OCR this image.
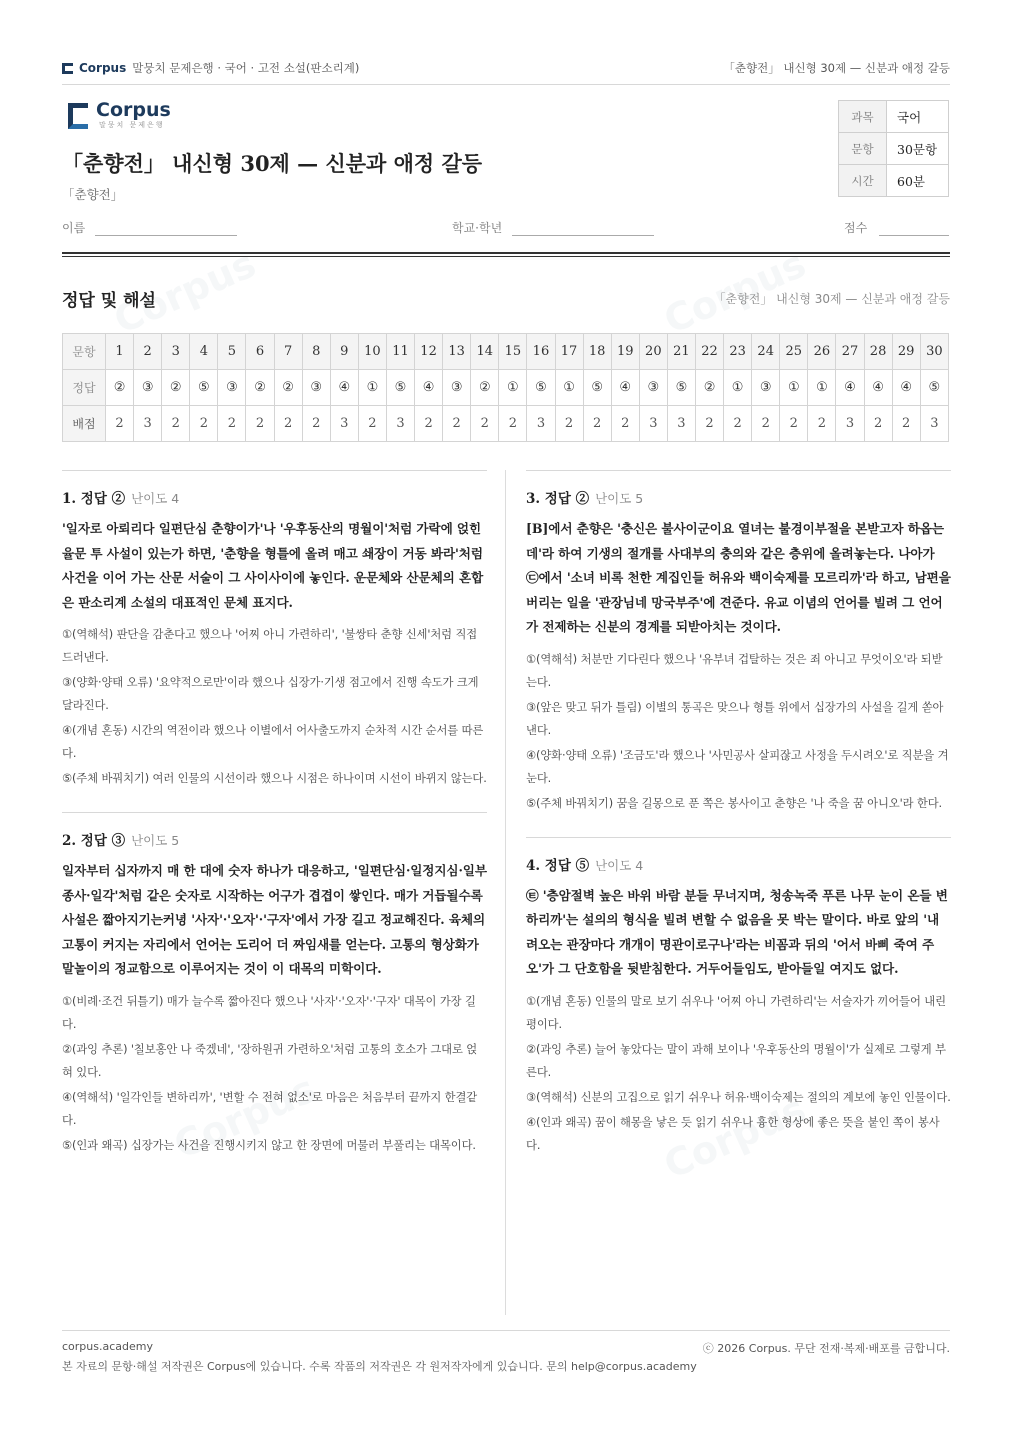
Corpus 말뭉치 문제은행 · 국어 · 고전 소설(판소리계)	「춘향전」 내신형 30제 — 신분과 애정 갈등
Corpus
말뭉치 문제은행
「춘향전」 내신형 30제 — 신분과 애정 갈등
「춘향전」
과목	국어
문항	30문항
시간	60분
이름	학교·학년	점수
정답 및 해설	「춘향전」 내신형 30제 — 신분과 애정 갈등
문항	1	2	3	4	5	6	7	8	9	10	11	12	13	14	15	16	17	18	19	20	21	22	23	24	25	26	27	28	29	30
정답	②	③	②	⑤	③	②	②	③	④	①	⑤	④	③	②	①	⑤	①	⑤	④	③	⑤	②	①	③	①	①	④	④	④	⑤
배점	2	3	2	2	2	2	2	2	3	2	3	2	2	2	2	3	2	2	2	3	3	2	2	2	2	2	3	2	2	3
1. 정답 ② 난이도 4
'일자로 아뢰리다 일편단심 춘향이가'나 '우후동산의 명월이'처럼 가락에 얹힌 율문 투 사설이 있는가 하면, '춘향을 형틀에 올려 매고 쇄장이 거동 봐라'처럼 사건을 이어 가는 산문 서술이 그 사이사이에 놓인다. 운문체와 산문체의 혼합은 판소리계 소설의 대표적인 문체 표지다.
①(역해석) 판단을 감춘다고 했으나 '어찌 아니 가련하리', '불쌍타 춘향 신세'처럼 직접 드러낸다.
③(양화·양태 오류) '요약적으로만'이라 했으나 십장가·기생 점고에서 진행 속도가 크게 달라진다.
④(개념 혼동) 시간의 역전이라 했으나 이별에서 어사출도까지 순차적 시간 순서를 따른다.
⑤(주체 바꿔치기) 여러 인물의 시선이라 했으나 시점은 하나이며 시선이 바뀌지 않는다.
2. 정답 ③ 난이도 5
일자부터 십자까지 매 한 대에 숫자 하나가 대응하고, '일편단심·일정지심·일부종사·일각'처럼 같은 숫자로 시작하는 어구가 겹겹이 쌓인다. 매가 거듭될수록 사설은 짧아지기는커녕 '사자'·'오자'·'구자'에서 가장 길고 정교해진다. 육체의 고통이 커지는 자리에서 언어는 도리어 더 짜임새를 얻는다. 고통의 형상화가 말놀이의 정교함으로 이루어지는 것이 이 대목의 미학이다.
①(비례·조건 뒤틀기) 매가 늘수록 짧아진다 했으나 '사자'·'오자'·'구자' 대목이 가장 길다.
②(과잉 추론) '칠보홍안 나 죽겠네', '장하원귀 가련하오'처럼 고통의 호소가 그대로 얹혀 있다.
④(역해석) '일각인들 변하리까', '변할 수 전혀 없소'로 마음은 처음부터 끝까지 한결같다.
⑤(인과 왜곡) 십장가는 사건을 진행시키지 않고 한 장면에 머물러 부풀리는 대목이다.
3. 정답 ② 난이도 5
[B]에서 춘향은 '충신은 불사이군이요 열녀는 불경이부절을 본받고자 하옵는데'라 하여 기생의 절개를 사대부의 충의와 같은 층위에 올려놓는다. 나아가 ㉢에서 '소녀 비록 천한 계집인들 허유와 백이숙제를 모르리까'라 하고, 남편을 버리는 일을 '관장님네 망국부주'에 견준다. 유교 이념의 언어를 빌려 그 언어가 전제하는 신분의 경계를 되받아치는 것이다.
①(역해석) 처분만 기다린다 했으나 '유부녀 겁탈하는 것은 죄 아니고 무엇이오'라 되받는다.
③(앞은 맞고 뒤가 틀림) 이별의 통곡은 맞으나 형틀 위에서 십장가의 사설을 길게 쏟아 낸다.
④(양화·양태 오류) '조금도'라 했으나 '사민공사 살피잖고 사정을 두시려오'로 직분을 겨눈다.
⑤(주체 바꿔치기) 꿈을 길몽으로 푼 쪽은 봉사이고 춘향은 '나 죽을 꿈 아니오'라 한다.
4. 정답 ⑤ 난이도 4
㉫ '층암절벽 높은 바위 바람 분들 무너지며, 청송녹죽 푸른 나무 눈이 온들 변하리까'는 설의의 형식을 빌려 변할 수 없음을 못 박는 말이다. 바로 앞의 '내려오는 관장마다 개개이 명관이로구나'라는 비꼼과 뒤의 '어서 바삐 죽여 주오'가 그 단호함을 뒷받침한다. 거두어들임도, 받아들일 여지도 없다.
①(개념 혼동) 인물의 말로 보기 쉬우나 '어찌 아니 가련하리'는 서술자가 끼어들어 내린 평이다.
②(과잉 추론) 늘어 놓았다는 말이 과해 보이나 '우후동산의 명월이'가 실제로 그렇게 부른다.
③(역해석) 신분의 고집으로 읽기 쉬우나 허유·백이숙제는 절의의 계보에 놓인 인물이다.
④(인과 왜곡) 꿈이 해몽을 낳은 듯 읽기 쉬우나 흉한 형상에 좋은 뜻을 붙인 쪽이 봉사다.
corpus.academy	ⓒ 2026 Corpus. 무단 전재·복제·배포를 금합니다.
본 자료의 문항·해설 저작권은 Corpus에 있습니다. 수록 작품의 저작권은 각 원저작자에게 있습니다. 문의 help@corpus.academy
